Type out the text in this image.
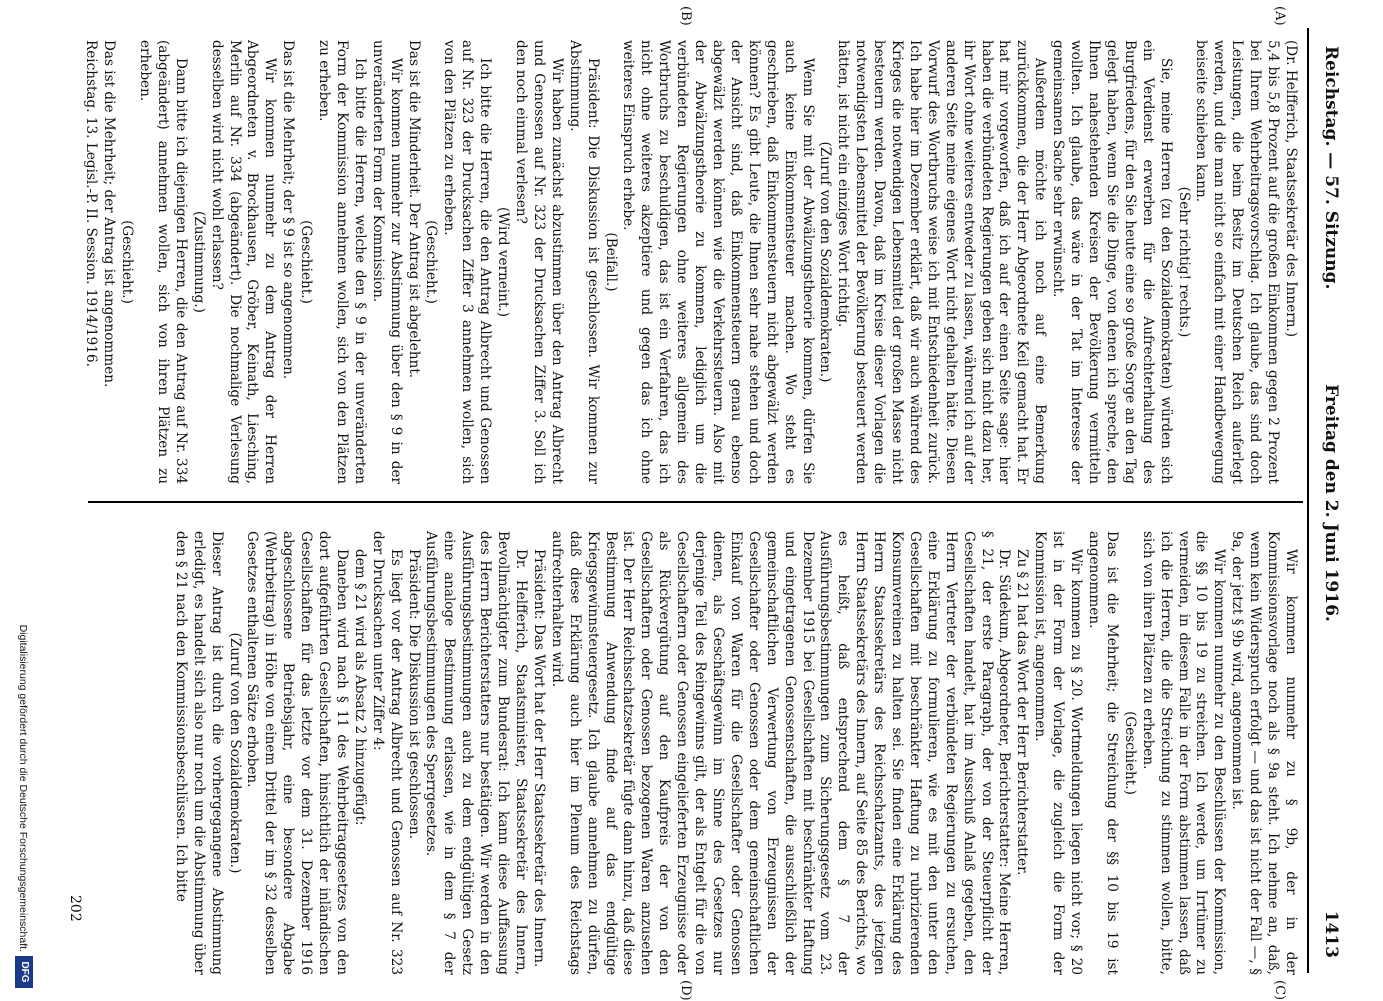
Reichstag. — 57. Sitzung.
Freitag den 2. Juni 1916.
1413
(A)
(B)
(C)
(D)

(Dr. Helfferich, Staatssekretär des Innern.)

5,4 bis 5,8 Prozent auf die großen Einkommen gegen 2 Prozent bei Ihrem Wehrbeitragsvorschlag. Ich glaube, das sind doch Leistungen, die beim Besitz im Deutschen Reich auferlegt werden, und die man nicht so einfach mit einer Handbewegung beiseite schieben kann.

(Sehr richtig! rechts.)

Sie, meine Herren (zu den Sozialdemokraten) würden sich ein Verdienst erwerben für die Aufrechterhaltung des Burgfriedens, für den Sie heute eine so große Sorge an den Tag gelegt haben, wenn Sie die Dinge, von denen ich spreche, den Ihnen nahestehenden Kreisen der Bevölkerung vermitteln wollten. Ich glaube, das wäre in der Tat im Interesse der gemeinsamen Sache sehr erwünscht.

Außerdem möchte ich noch auf eine Bemerkung zurückkommen, die der Herr Abgeordnete Keil gemacht hat. Er hat mir vorgeworfen, daß ich auf der einen Seite sage: hier haben die verbündeten Regierungen geben sich nicht dazu her, ihr Wort ohne weiteres entweder zu lassen, während ich auf der anderen Seite meine eigenes Wort nicht gehalten hätte. Diesen Vorwurf des Wortbruchs weise ich mit Entschiedenheit zurück. Ich habe hier im Dezember erklärt, daß wir auch während des Krieges die notwendigen Lebensmittel der großen Masse nicht besteuern werden. Davon, daß im Kreise dieser Vorlagen die notwendigsten Lebensmittel der Bevölkerung besteuert werden hätten, ist nicht ein einziges Wort richtig.

(Zuruf von den Sozialdemokraten.)

Wenn Sie mit der Abwälzungstheorie kommen, dürfen Sie auch keine Einkommensteuer machen. Wo steht es geschrieben, daß Einkommensteuern nicht abgewälzt werden können? Es gibt Leute, die Ihnen sehr nahe stehen und doch der Ansicht sind, daß Einkommensteuern genau ebenso abgewälzt werden können wie die Verkehrssteuern. Also mit der Abwälzungstheorie zu kommen, lediglich um die verbündeten Regierungen ohne weiteres allgemein des Wortbruchs zu beschuldigen, das ist ein Verfahren, das ich nicht ohne weiteres akzeptiere und gegen das ich ohne weiteres Einspruch erhebe.

(Beifall.)

Präsident: Die Diskussion ist geschlossen. Wir kommen zur Abstimmung.

Wir haben zunächst abzustimmen über den Antrag Albrecht und Genossen auf Nr. 323 der Drucksachen Ziffer 3. Soll ich den noch einmal verlesen?

(Wird verneint.)

Ich bitte die Herren, die den Antrag Albrecht und Genossen auf Nr. 323 der Drucksachen Ziffer 3 annehmen wollen, sich von den Plätzen zu erheben.

(Geschieht.)

Das ist die Minderheit. Der Antrag ist abgelehnt.

Wir kommen nunmehr zur Abstimmung über den § 9 in der unveränderten Form der Kommission.

Ich bitte die Herren, welche den § 9 in der unveränderten Form der Kommission annehmen wollen, sich von den Plätzen zu erheben.

(Geschieht.)

Das ist die Mehrheit; der § 9 ist so angenommen.

Wir kommen nunmehr zu dem Antrag der Herren Abgeordneten v. Brockhausen, Gröber, Keinath, Liesching, Merlin auf Nr. 334 (abgeändert). Die nochmalige Verlesung desselben wird nicht wohl erlassen?

(Zustimmung.)

Dann bitte ich diejenigen Herren, die den Antrag auf Nr. 334 (abgeändert) annehmen wollen, sich von ihren Plätzen zu erheben.

(Geschieht.)

Das ist die Mehrheit; der Antrag ist angenommen.

Reichstag. 13. Legisl.-P. II. Session. 1914/1916.

Wir kommen nunmehr zu § 9b, der in der Kommissionsvorlage noch als § 9a steht. Ich nehme an, daß, wenn kein Widerspruch erfolgt — und das ist nicht der Fall —, § 9a, der jetzt § 9b wird, angenommen ist.

Wir kommen nunmehr zu den Beschlüssen der Kommission, die §§ 10 bis 19 zu streichen. Ich werde, um Irrtümer zu vermeiden, in diesem Falle in der Form abstimmen lassen, daß ich die Herren, die die Streichung zu stimmen wollen, bitte, sich von ihren Plätzen zu erheben.

(Geschieht.)

Das ist die Mehrheit; die Streichung der §§ 10 bis 19 ist angenommen.

Wir kommen zu § 20. Wortmeldungen liegen nicht vor; § 20 ist in der Form der Vorlage, die zugleich die Form der Kommission ist, angenommen.

Zu § 21 hat das Wort der Herr Berichterstatter.

Dr. Südekum, Abgeordneter, Berichterstatter: Meine Herren, § 21, der erste Paragraph, der von der Steuerpflicht der Gesellschaften handelt, hat im Ausschuß Anlaß gegeben, den Herrn Vertreter der verbündeten Regierungen zu ersuchen, eine Erklärung zu formulieren, wie es mit den unter den Gesellschaften mit beschränkter Haftung zu rubrizierenden Konsumvereinen zu halten sei. Sie finden eine Erklärung des Herrn Staatssekretärs des Reichsschatzamts, des jetzigen Herrn Staatssekretärs des Innern, auf Seite 85 des Berichts, wo es heißt, daß entsprechend dem § 7 der Ausführungsbestimmungen zum Sicherungsgesetz vom 23. Dezember 1915 bei Gesellschaften mit beschränkter Haftung und eingetragenen Genossenschaften, die ausschließlich der gemeinschaftlichen Verwertung von Erzeugnissen der Gesellschafter oder Genossen oder dem gemeinschaftlichen Einkauf von Waren für die Gesellschafter oder Genossen dienen, als Geschäftsgewinn im Sinne des Gesetzes nur derjenige Teil des Reingewinns gilt, der als Entgelt für die von Gesellschaftern oder Genossen eingelieferten Erzeugnisse oder als Rückvergütung auf den Kaufpreis der von den Gesellschaftern oder Genossen bezogenen Waren anzusehen ist. Der Herr Reichsschatzsekretär fügte dann hinzu, daß diese Bestimmung Anwendung finde auf das endgültige Kriegsgewinnsteuergesetz. Ich glaube annehmen zu dürfen, daß diese Erklärung auch hier im Plenum des Reichstags aufrechterhalten wird.

Präsident: Das Wort hat der Herr Staatssekretär des Innern.

Dr. Helfferich, Staatsminister, Staatssekretär des Innern, Bevollmächtigter zum Bundesrat: Ich kann diese Auffassung des Herrn Berichterstatters nur bestätigen. Wir werden in den Ausführungsbestimmungen auch zu dem endgültigen Gesetz eine analoge Bestimmung erlassen, wie in dem § 7 der Ausführungsbestimmungen des Sperrgesetzes.

Präsident: Die Diskussion ist geschlossen.

Es liegt vor der Antrag Albrecht und Genossen auf Nr. 323 der Drucksachen unter Ziffer 4:

dem § 21 wird als Absatz 2 hinzugefügt:

Daneben wird nach § 11 des Wehrbeitraggesetzes von den dort aufgeführten Gesellschaften, hinsichtlich der inländischen Gesellschaften für das letzte vor dem 31. Dezember 1916 abgeschlossene Betriebsjahr, eine besondere Abgabe (Wehrbeitrag) in Höhe von einem Drittel der im § 32 desselben Gesetzes enthaltenen Sätze erhoben.

(Zuruf von den Sozialdemokraten.)

Dieser Antrag ist durch die vorhergegangene Abstimmung erledigt, es handelt sich also nur noch um die Abstimmung über den § 21 nach den Kommissionsbeschlüssen. Ich bitte

202
Digitalisierung gefördert durch die Deutsche Forschungsgemeinschaft.
DFG
